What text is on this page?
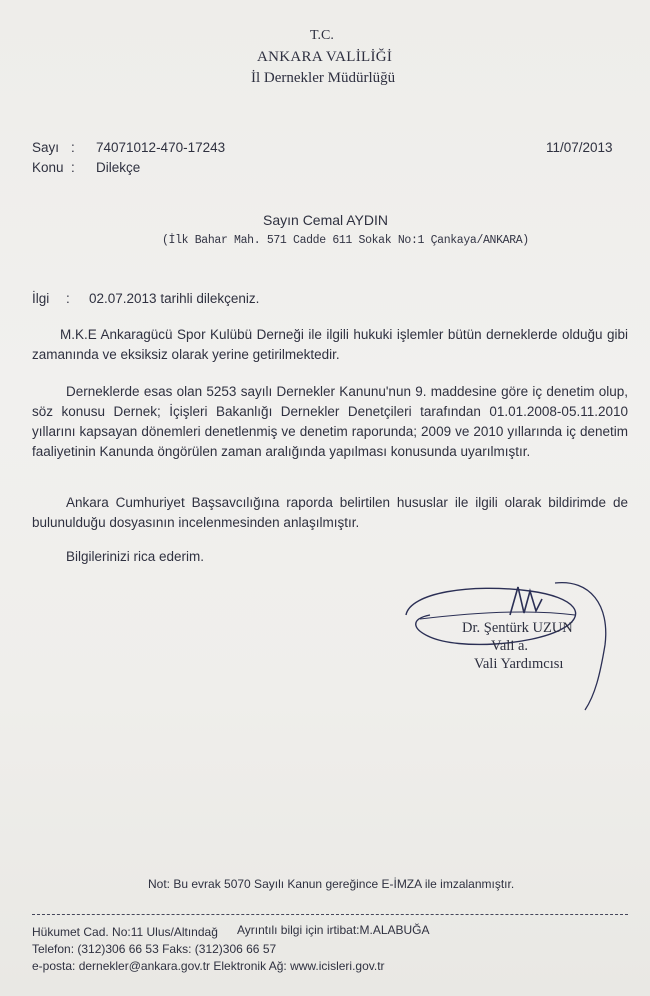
T.C.
ANKARA VALİLİĞİ
İl Dernekler Müdürlüğü
Sayı : 74071012-470-17243	11/07/2013
Konu : Dilekçe
Sayın Cemal AYDIN
(İlk Bahar Mah. 571 Cadde 611 Sokak No:1 Çankaya/ANKARA)
İlgi : 02.07.2013 tarihli dilekçeniz.

M.K.E Ankaragücü Spor Kulübü Derneği ile ilgili hukuki işlemler bütün derneklerde olduğu gibi zamanında ve eksiksiz olarak yerine getirilmektedir.

Derneklerde esas olan 5253 sayılı Dernekler Kanunu'nun 9. maddesine göre iç denetim olup, söz konusu Dernek; İçişleri Bakanlığı Dernekler Denetçileri tarafından 01.01.2008-05.11.2010 yıllarını kapsayan dönemleri denetlenmiş ve denetim raporunda; 2009 ve 2010 yıllarında iç denetim faaliyetinin Kanunda öngörülen zaman aralığında yapılması konusunda uyarılmıştır.

Ankara Cumhuriyet Başsavcılığına raporda belirtilen hususlar ile ilgili olarak bildirimde de bulunulduğu dosyasının incelenmesinden anlaşılmıştır.

Bilgilerinizi rica ederim.
Dr. Şentürk UZUN
Vali a.
Vali Yardımcısı
Not: Bu evrak 5070 Sayılı Kanun gereğince E-İMZA ile imzalanmıştır.
Hükumet Cad. No:11 Ulus/Altındağ Ayrıntılı bilgi için irtibat:M.ALABUĞA
Telefon: (312)306 66 53 Faks: (312)306 66 57
e-posta: dernekler@ankara.gov.tr Elektronik Ağ: www.icisleri.gov.tr
